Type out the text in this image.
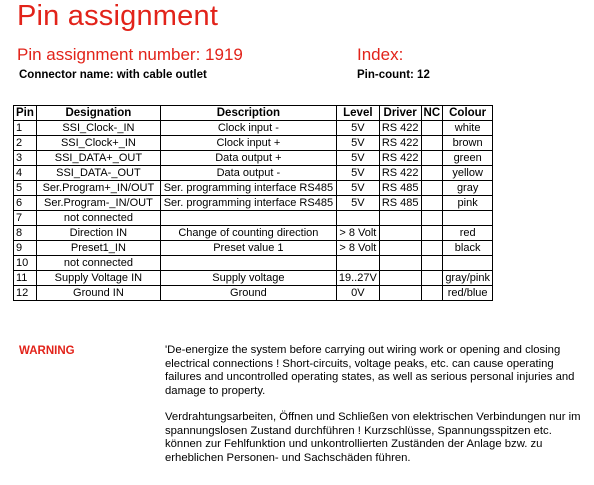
Pin assignment
Pin assignment number: 1919	Index:
Connector name: with cable outlet	Pin-count: 12
Pin	Designation	Description	Level	Driver	NC	Colour
1	SSI_Clock-_IN	Clock input -	5V	RS 422		white
2	SSI_Clock+_IN	Clock input +	5V	RS 422		brown
3	SSI_DATA+_OUT	Data output +	5V	RS 422		green
4	SSI_DATA-_OUT	Data output -	5V	RS 422		yellow
5	Ser.Program+_IN/OUT	Ser. programming interface RS485	5V	RS 485		gray
6	Ser.Program-_IN/OUT	Ser. programming interface RS485	5V	RS 485		pink
7	not connected					
8	Direction IN	Change of counting direction	> 8 Volt			red
9	Preset1_IN	Preset value 1	> 8 Volt			black
10	not connected					
11	Supply Voltage IN	Supply voltage	19..27V			gray/pink
12	Ground IN	Ground	0V			red/blue
WARNING	'De-energize the system before carrying out wiring work or opening and closing electrical connections ! Short-circuits, voltage peaks, etc. can cause operating failures and uncontrolled operating states, as well as serious personal injuries and damage to property.

Verdrahtungsarbeiten, Öffnen und Schließen von elektrischen Verbindungen nur im spannungslosen Zustand durchführen ! Kurzschlüsse, Spannungsspitzen etc. können zur Fehlfunktion und unkontrollierten Zuständen der Anlage bzw. zu erheblichen Personen- und Sachschäden führen.
